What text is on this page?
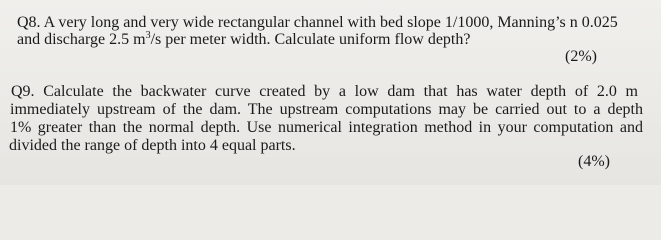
Q8. A very long and very wide rectangular channel with bed slope 1/1000, Manning’s n 0.025
and discharge 2.5 $m^3/s$ per meter width. Calculate uniform flow depth?
(2%)
Q9. Calculate the backwater curve created by a low dam that has water depth of 2.0 m
immediately upstream of the dam. The upstream computations may be carried out to a depth
1% greater than the normal depth. Use numerical integration method in your computation and
divided the range of depth into 4 equal parts.
(4%)
